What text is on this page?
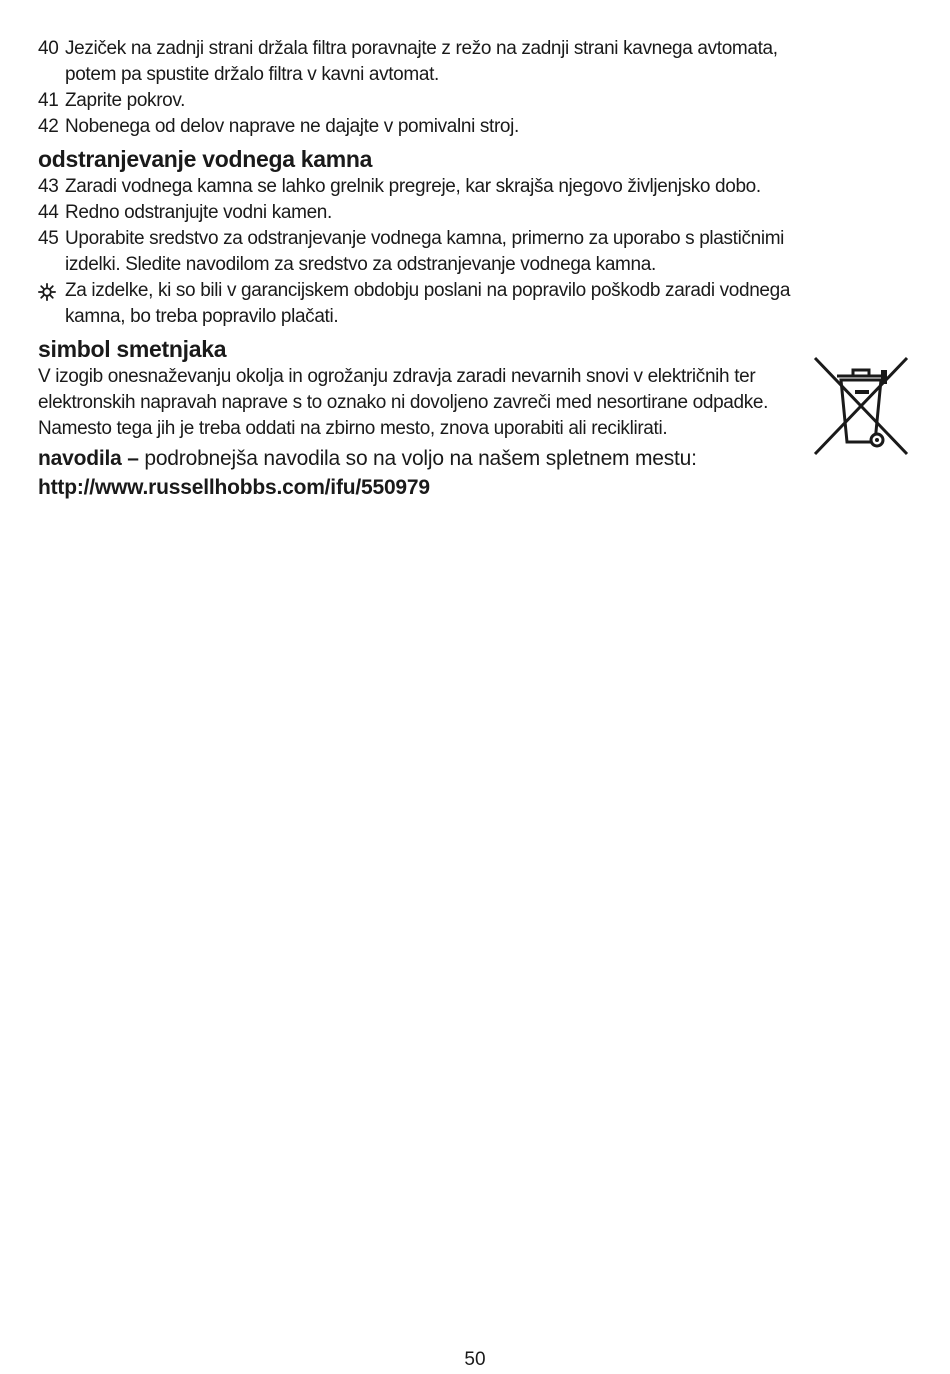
40 Jeziček na zadnji strani držala filtra poravnajte z režo na zadnji strani kavnega avtomata,
potem pa spustite držalo filtra v kavni avtomat.
41 Zaprite pokrov.
42 Nobenega od delov naprave ne dajajte v pomivalni stroj.
odstranjevanje vodnega kamna
43 Zaradi vodnega kamna se lahko grelnik pregreje, kar skrajša njegovo življenjsko dobo.
44 Redno odstranjujte vodni kamen.
45 Uporabite sredstvo za odstranjevanje vodnega kamna, primerno za uporabo s plastičnimi
izdelki. Sledite navodilom za sredstvo za odstranjevanje vodnega kamna.
Za izdelke, ki so bili v garancijskem obdobju poslani na popravilo poškodb zaradi vodnega
kamna, bo treba popravilo plačati.
simbol smetnjaka
V izogib onesnaževanju okolja in ogrožanju zdravja zaradi nevarnih snovi v električnih ter elektronskih napravah naprave s to oznako ni dovoljeno zavreči med nesortirane odpadke. Namesto tega jih je treba oddati na zbirno mesto, znova uporabiti ali reciklirati.
navodila – podrobnejša navodila so na voljo na našem spletnem mestu:
http://www.russellhobbs.com/ifu/550979
50
